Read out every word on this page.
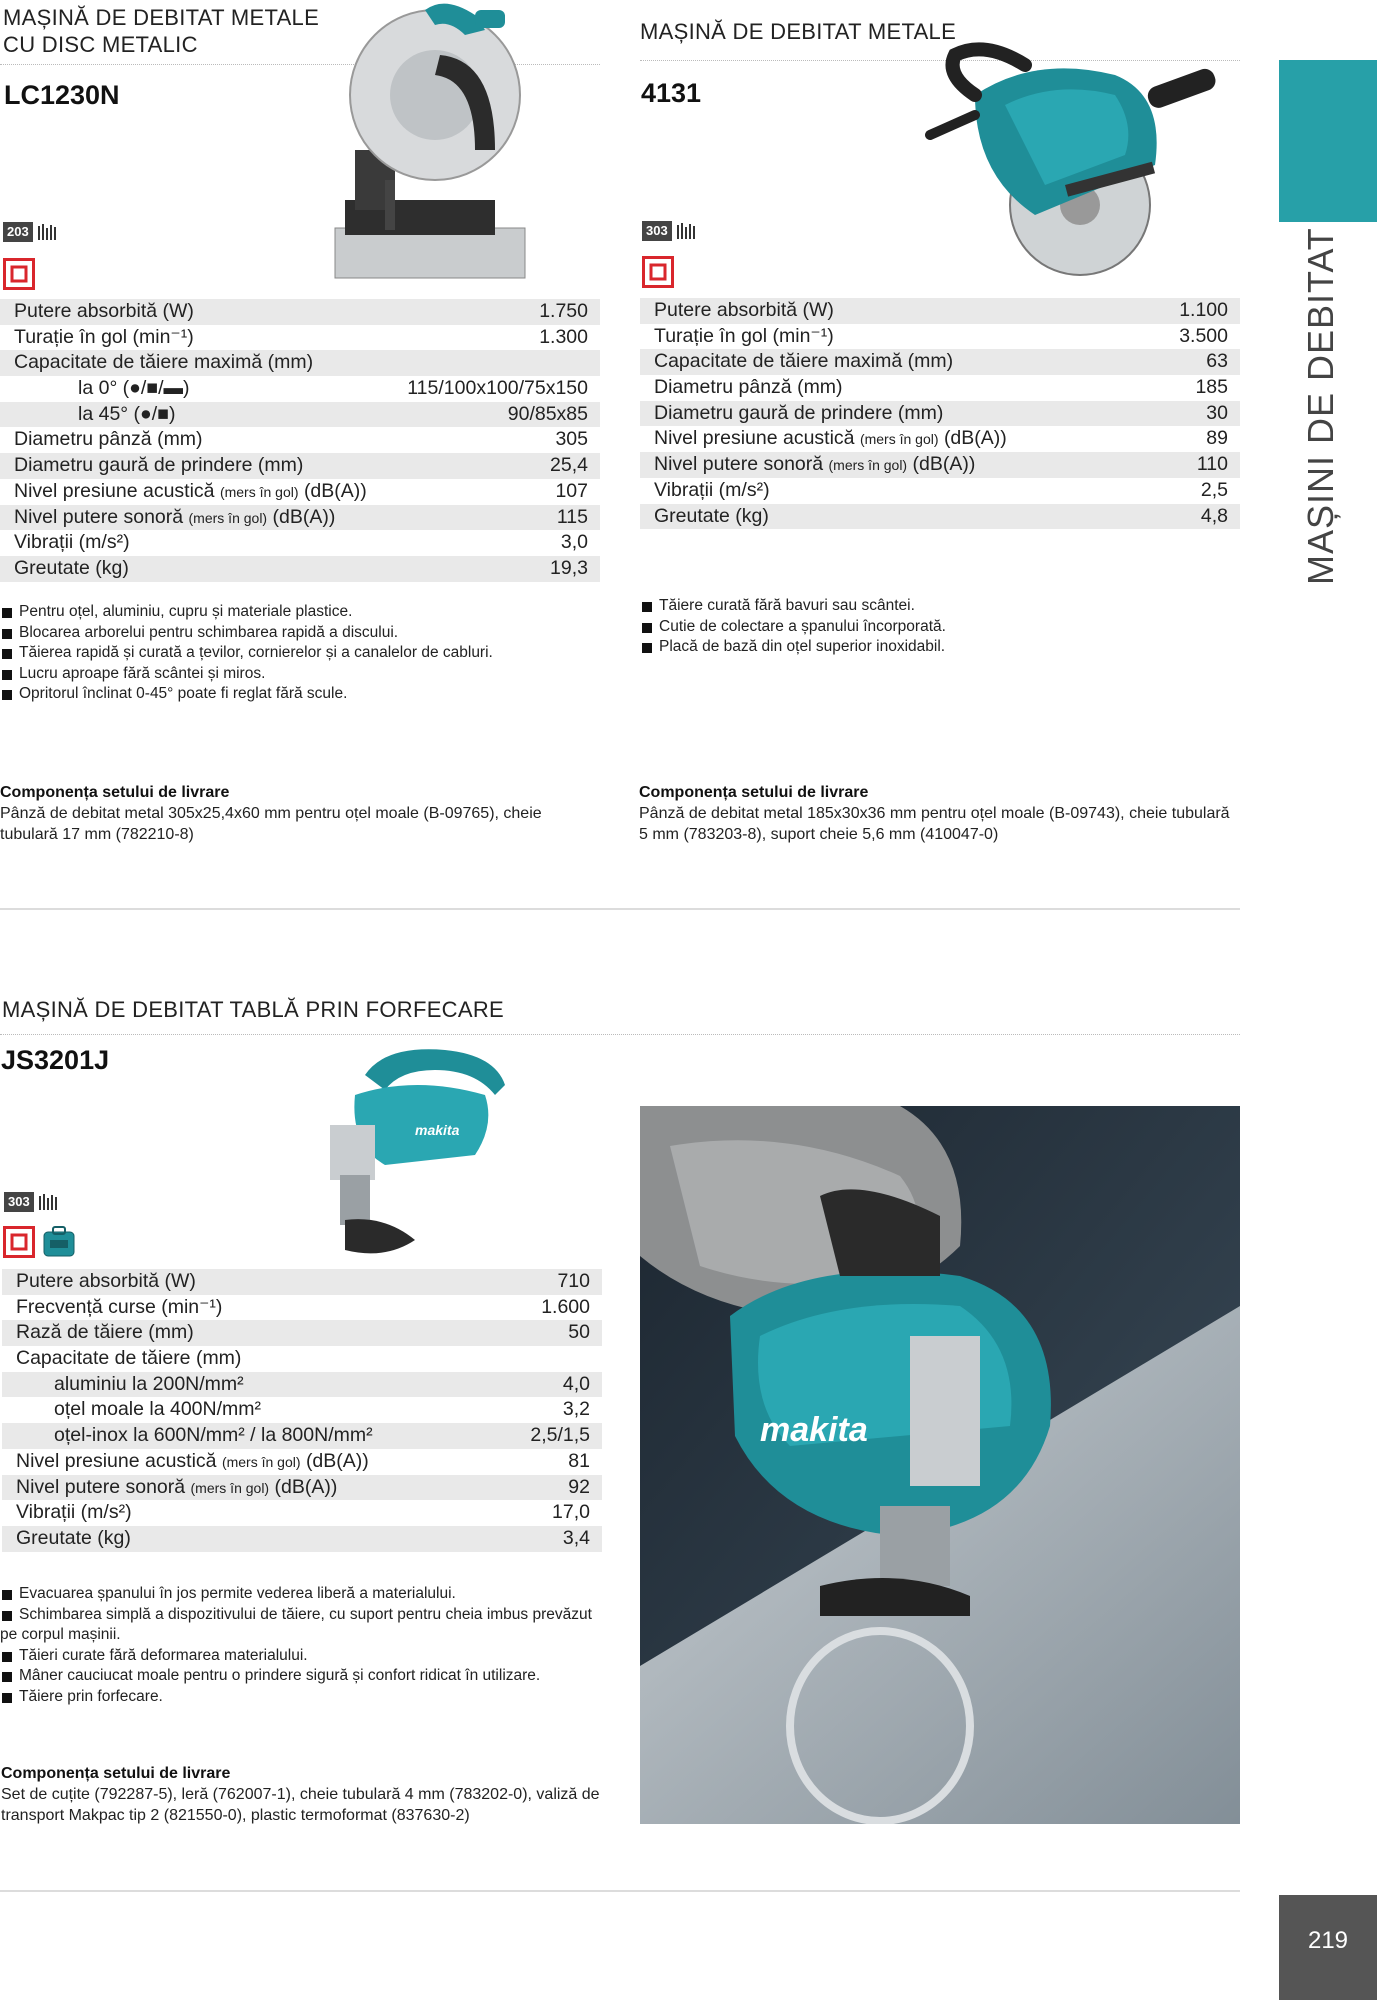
MAȘINI DE DEBITAT
219
MAȘINĂ DE DEBITAT METALE
CU DISC METALIC
LC1230N
203
Putere absorbită (W)	1.750
Turație în gol (min⁻¹)	1.300
Capacitate de tăiere maximă (mm)
la 0° (●/■/▬)	115/100x100/75x150
la 45° (●/■)	90/85x85
Diametru pânză (mm)	305
Diametru gaură de prindere (mm)	25,4
Nivel presiune acustică (mers în gol) (dB(A))	107
Nivel putere sonoră (mers în gol) (dB(A))	115
Vibrații (m/s²)	3,0
Greutate (kg)	19,3
Pentru oțel, aluminiu, cupru și materiale plastice.
Blocarea arborelui pentru schimbarea rapidă a discului.
Tăierea rapidă și curată a țevilor, cornierelor și a canalelor de cabluri.
Lucru aproape fără scântei și miros.
Opritorul înclinat 0-45° poate fi reglat fără scule.
Componența setului de livrare
Pânză de debitat metal 305x25,4x60 mm pentru oțel moale (B-09765), cheie tubulară 17 mm (782210-8)
MAȘINĂ DE DEBITAT METALE
4131
303
Putere absorbită (W)	1.100
Turație în gol (min⁻¹)	3.500
Capacitate de tăiere maximă (mm)	63
Diametru pânză (mm)	185
Diametru gaură de prindere (mm)	30
Nivel presiune acustică (mers în gol) (dB(A))	89
Nivel putere sonoră (mers în gol) (dB(A))	110
Vibrații (m/s²)	2,5
Greutate (kg)	4,8
Tăiere curată fără bavuri sau scântei.
Cutie de colectare a șpanului încorporată.
Placă de bază din oțel superior inoxidabil.
Componența setului de livrare
Pânză de debitat metal 185x30x36 mm pentru oțel moale (B-09743), cheie tubulară 5 mm (783203-8), suport cheie 5,6 mm (410047-0)
MAȘINĂ DE DEBITAT TABLĂ PRIN FORFECARE
JS3201J
makita
303
Putere absorbită (W)	710
Frecvență curse (min⁻¹)	1.600
Rază de tăiere (mm)	50
Capacitate de tăiere (mm)
aluminiu la 200N/mm²	4,0
oțel moale la 400N/mm²	3,2
oțel-inox la 600N/mm² / la 800N/mm²	2,5/1,5
Nivel presiune acustică (mers în gol) (dB(A))	81
Nivel putere sonoră (mers în gol) (dB(A))	92
Vibrații (m/s²)	17,0
Greutate (kg)	3,4
Evacuarea șpanului în jos permite vederea liberă a materialului.
Schimbarea simplă a dispozitivului de tăiere, cu suport pentru cheia imbus prevăzut pe corpul mașinii.
Tăieri curate fără deformarea materialului.
Mâner cauciucat moale pentru o prindere sigură și confort ridicat în utilizare.
Tăiere prin forfecare.
Componența setului de livrare
Set de cuțite (792287-5), leră (762007-1), cheie tubulară 4 mm (783202-0), valiză de transport Makpac tip 2 (821550-0), plastic termoformat (837630-2)
makita
